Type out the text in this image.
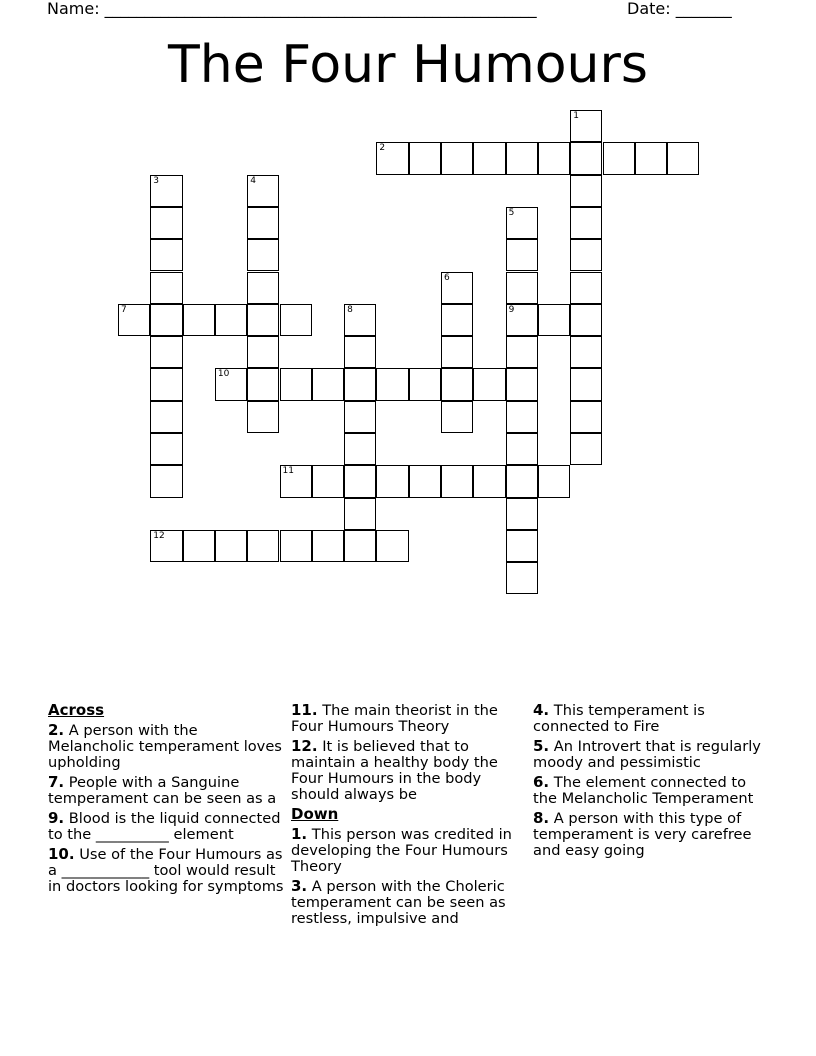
Name: ______________________________________________________	Date: _______
The Four Humours
1
2
3	4
5
9
6
7	8
10
11
12
Across
2. A person with the Melancholic temperament loves upholding
7. People with a Sanguine temperament can be seen as a
9. Blood is the liquid connected to the __________ element
10. Use of the Four Humours as a ____________ tool would result in doctors looking for symptoms
11. The main theorist in the Four Humours Theory
12. It is believed that to maintain a healthy body the Four Humours in the body should always be
Down
1. This person was credited in developing the Four Humours Theory
3. A person with the Choleric temperament can be seen as restless, impulsive and
4. This temperament is connected to Fire
5. An Introvert that is regularly moody and pessimistic
6. The element connected to the Melancholic Temperament
8. A person with this type of temperament is very carefree and easy going
